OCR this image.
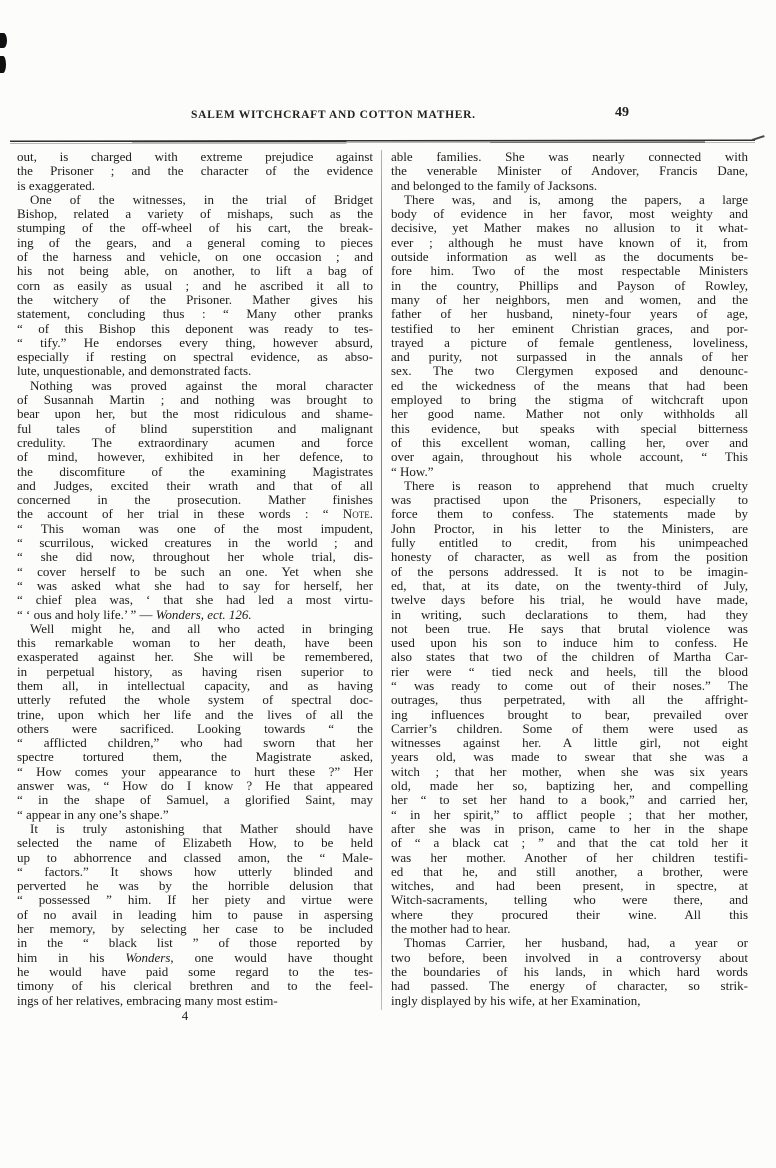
SALEM WITCHCRAFT AND COTTON MATHER.	49
out, is charged with extreme prejudice against
the Prisoner ; and the character of the evidence
is exaggerated.
One of the witnesses, in the trial of Bridget
Bishop, related a variety of mishaps, such as the
stumping of the off-wheel of his cart, the break-
ing of the gears, and a general coming to pieces
of the harness and vehicle, on one occasion ; and
his not being able, on another, to lift a bag of
corn as easily as usual ; and he ascribed it all to
the witchery of the Prisoner. Mather gives his
statement, concluding thus : “ Many other pranks
“ of this Bishop this deponent was ready to tes-
“ tify.” He endorses every thing, however absurd,
especially if resting on spectral evidence, as abso-
lute, unquestionable, and demonstrated facts.
Nothing was proved against the moral character
of Susannah Martin ; and nothing was brought to
bear upon her, but the most ridiculous and shame-
ful tales of blind superstition and malignant
credulity. The extraordinary acumen and force
of mind, however, exhibited in her defence, to
the discomfiture of the examining Magistrates
and Judges, excited their wrath and that of all
concerned in the prosecution. Mather finishes
the account of her trial in these words : “ Note.
“ This woman was one of the most impudent,
“ scurrilous, wicked creatures in the world ; and
“ she did now, throughout her whole trial, dis-
“ cover herself to be such an one. Yet when she
“ was asked what she had to say for herself, her
“ chief plea was, ‘ that she had led a most virtu-
“ ‘ ous and holy life.’ ” — Wonders, ect. 126.
Well might he, and all who acted in bringing
this remarkable woman to her death, have been
exasperated against her. She will be remembered,
in perpetual history, as having risen superior to
them all, in intellectual capacity, and as having
utterly refuted the whole system of spectral doc-
trine, upon which her life and the lives of all the
others were sacrificed. Looking towards “ the
“ afflicted children,” who had sworn that her
spectre tortured them, the Magistrate asked,
“ How comes your appearance to hurt these ?” Her
answer was, “ How do I know ? He that appeared
“ in the shape of Samuel, a glorified Saint, may
“ appear in any one’s shape.”
It is truly astonishing that Mather should have
selected the name of Elizabeth How, to be held
up to abhorrence and classed amon, the “ Male-
“ factors.” It shows how utterly blinded and
perverted he was by the horrible delusion that
“ possessed ” him. If her piety and virtue were
of no avail in leading him to pause in aspersing
her memory, by selecting her case to be included
in the “ black list ” of those reported by
him in his Wonders, one would have thought
he would have paid some regard to the tes-
timony of his clerical brethren and to the feel-
ings of her relatives, embracing many most estim-
able families. She was nearly connected with
the venerable Minister of Andover, Francis Dane,
and belonged to the family of Jacksons.
There was, and is, among the papers, a large
body of evidence in her favor, most weighty and
decisive, yet Mather makes no allusion to it what-
ever ; although he must have known of it, from
outside information as well as the documents be-
fore him. Two of the most respectable Ministers
in the country, Phillips and Payson of Rowley,
many of her neighbors, men and women, and the
father of her husband, ninety-four years of age,
testified to her eminent Christian graces, and por-
trayed a picture of female gentleness, loveliness,
and purity, not surpassed in the annals of her
sex. The two Clergymen exposed and denounc-
ed the wickedness of the means that had been
employed to bring the stigma of witchcraft upon
her good name. Mather not only withholds all
this evidence, but speaks with special bitterness
of this excellent woman, calling her, over and
over again, throughout his whole account, “ This
“ How.”
There is reason to apprehend that much cruelty
was practised upon the Prisoners, especially to
force them to confess. The statements made by
John Proctor, in his letter to the Ministers, are
fully entitled to credit, from his unimpeached
honesty of character, as well as from the position
of the persons addressed. It is not to be imagin-
ed, that, at its date, on the twenty-third of July,
twelve days before his trial, he would have made,
in writing, such declarations to them, had they
not been true. He says that brutal violence was
used upon his son to induce him to confess. He
also states that two of the children of Martha Car-
rier were “ tied neck and heels, till the blood
“ was ready to come out of their noses.” The
outrages, thus perpetrated, with all the affright-
ing influences brought to bear, prevailed over
Carrier’s children. Some of them were used as
witnesses against her. A little girl, not eight
years old, was made to swear that she was a
witch ; that her mother, when she was six years
old, made her so, baptizing her, and compelling
her “ to set her hand to a book,” and carried her,
“ in her spirit,” to afflict people ; that her mother,
after she was in prison, came to her in the shape
of “ a black cat ; ” and that the cat told her it
was her mother. Another of her children testifi-
ed that he, and still another, a brother, were
witches, and had been present, in spectre, at
Witch-sacraments, telling who were there, and
where they procured their wine. All this
the mother had to hear.
Thomas Carrier, her husband, had, a year or
two before, been involved in a controversy about
the boundaries of his lands, in which hard words
had passed. The energy of character, so strik-
ingly displayed by his wife, at her Examination,
4
